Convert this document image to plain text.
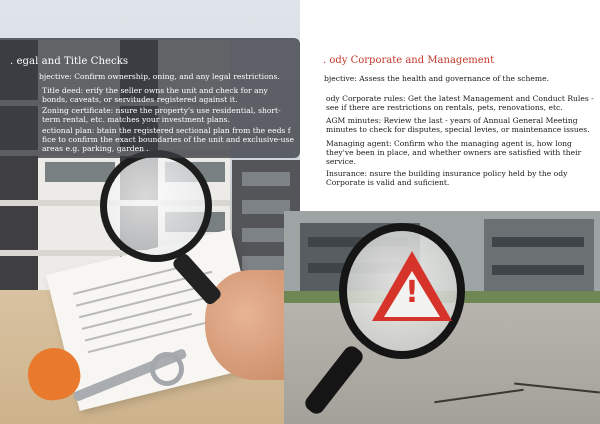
. egal and Title Checks
bjective: Confirm ownership, oning, and any legal restrictions.
Title deed: erify the seller owns the unit and check for any bonds, caveats, or servitudes registered against it.
Zoning certificate: nsure the property's use residential, short-term rental, etc. matches your investment plans.
ectional plan: btain the registered sectional plan from the eeds f fice to confirm the exact boundaries of the unit and exclusive-use areas e.g. parking, garden .
. ody Corporate and Management
bjective: Assess the health and governance of the scheme.
ody Corporate rules: Get the latest Management and Conduct Rules - see if there are restrictions on rentals, pets, renovations, etc.
AGM minutes: Review the last - years of Annual General Meeting minutes to check for disputes, special levies, or maintenance issues.
Managing agent: Confirm who the managing agent is, how long they've been in place, and whether owners are satisfied with their service.
Insurance: nsure the building insurance policy held by the ody Corporate is valid and suficient.
!
